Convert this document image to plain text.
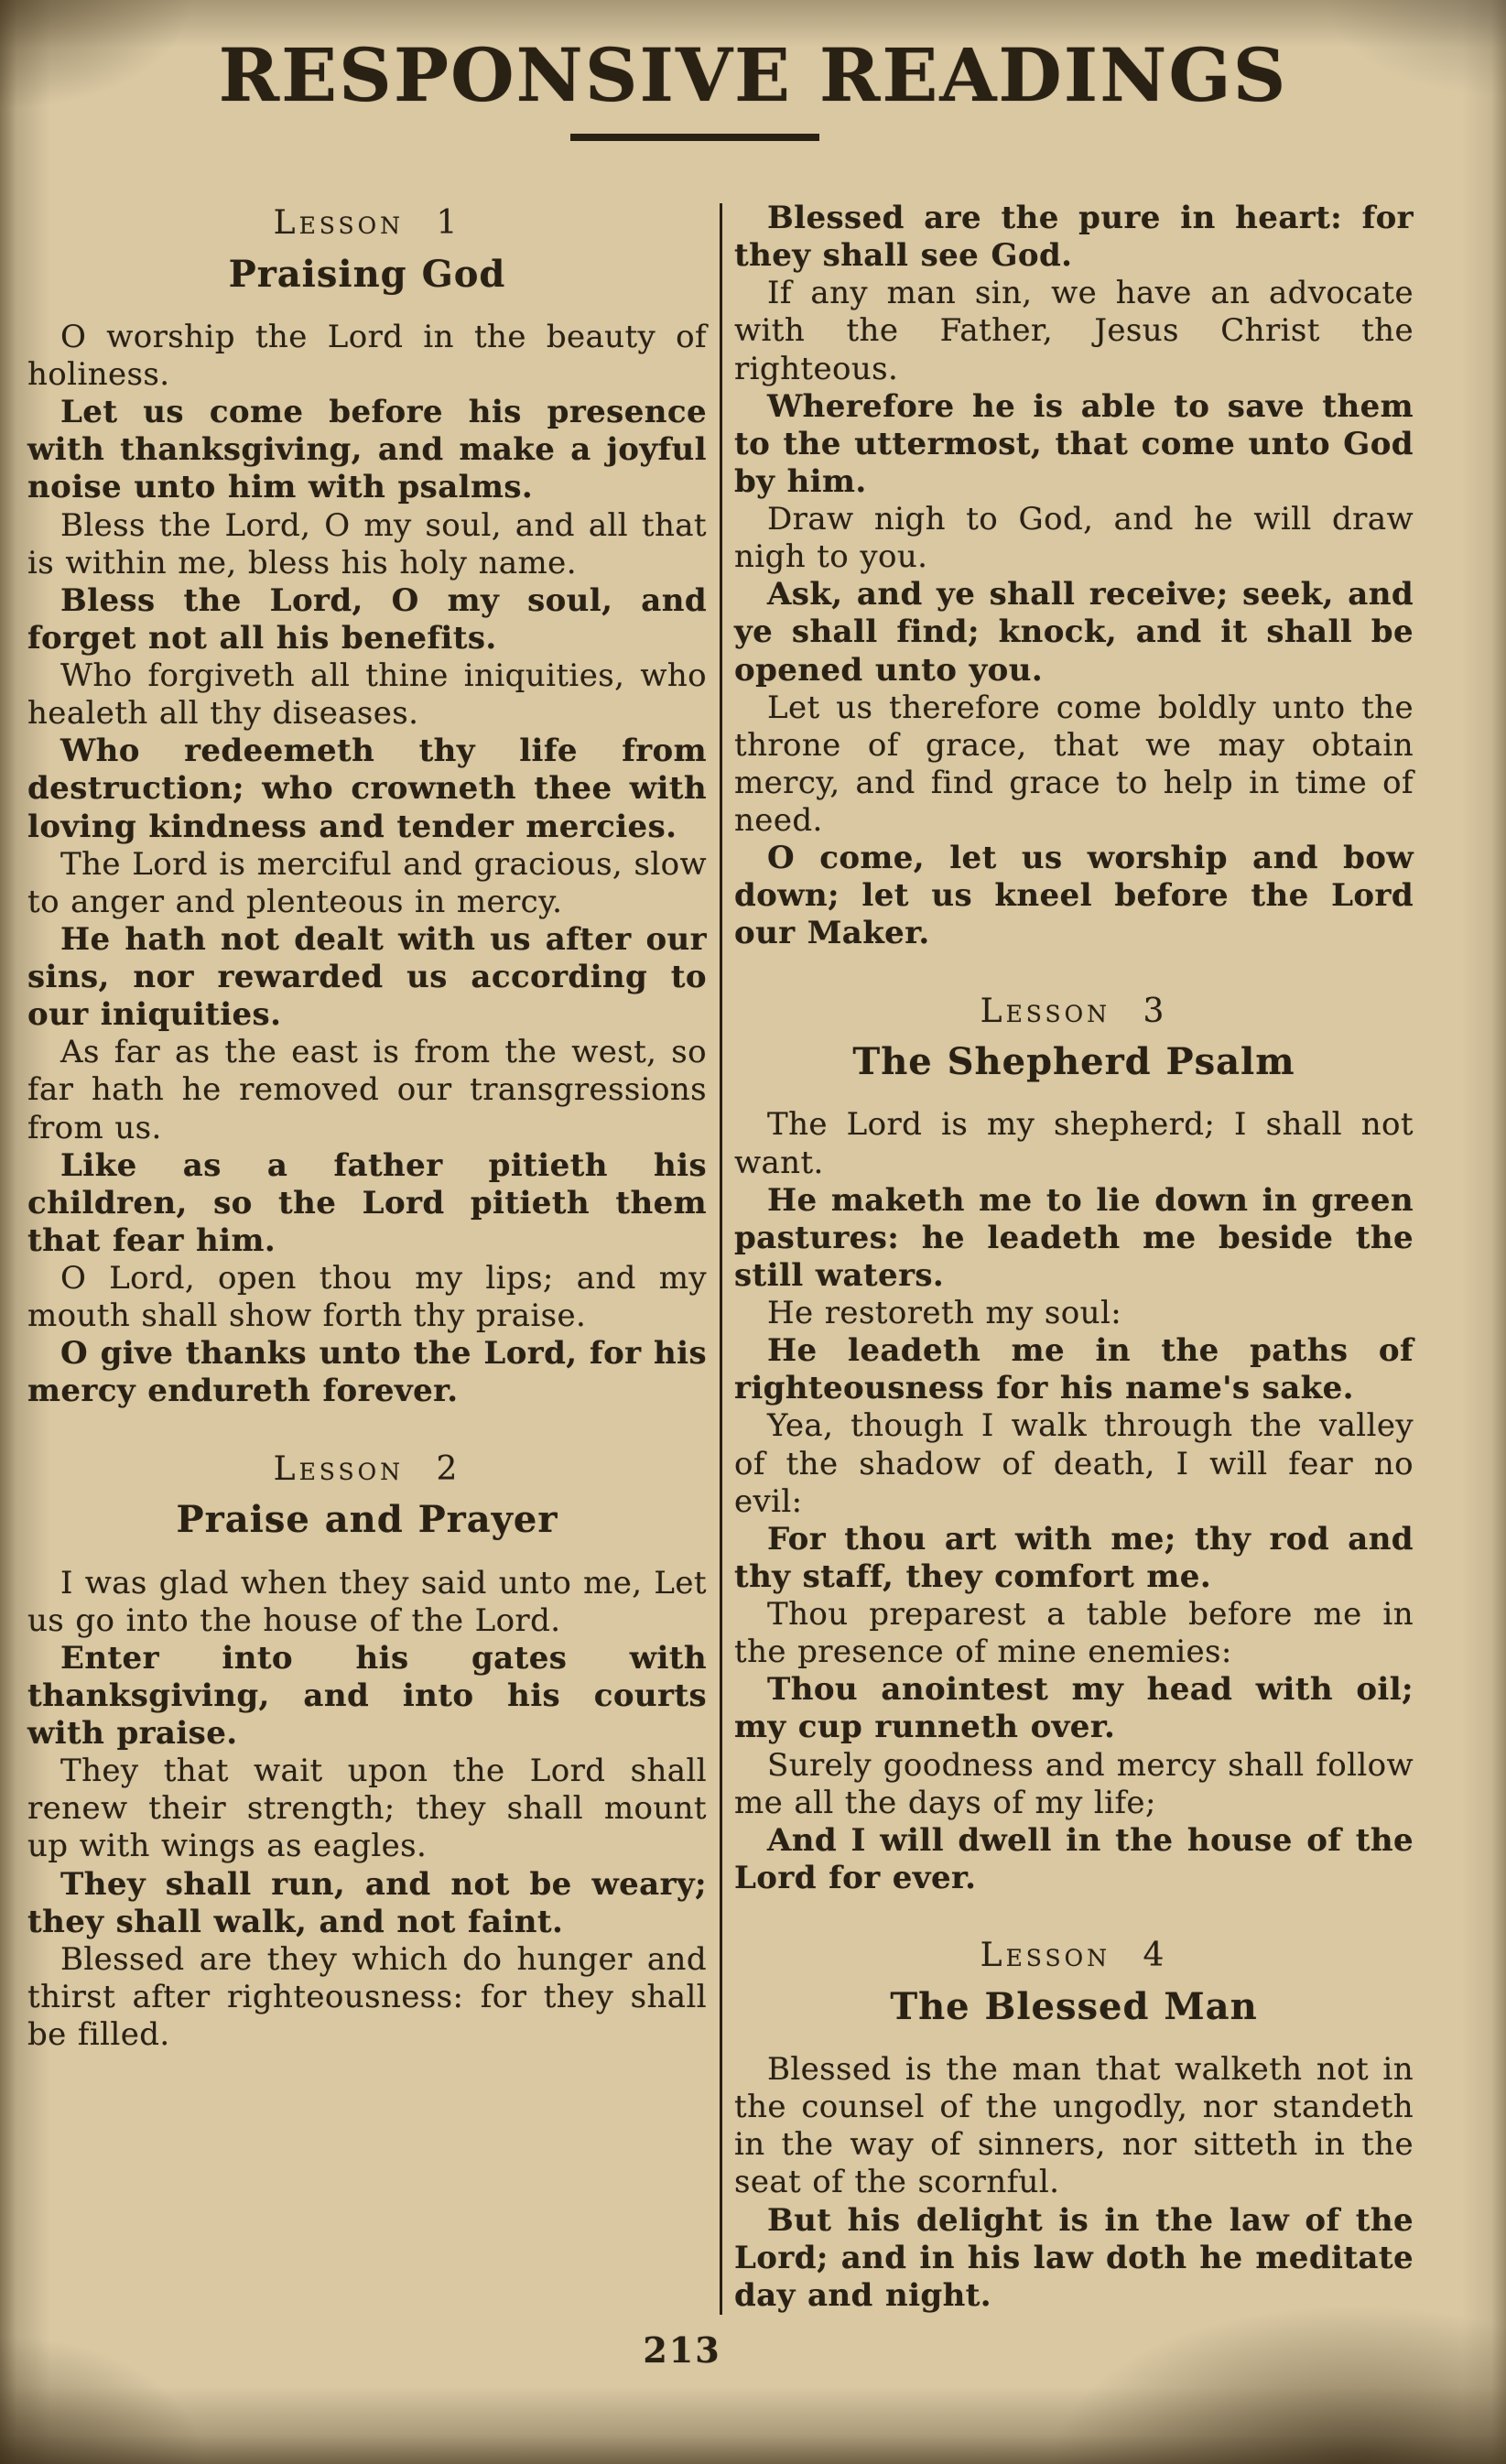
RESPONSIVE READINGS
Lesson 1
Praising God
O worship the Lord in the beauty of holiness.
Let us come before his presence with thanksgiving, and make a joyful noise unto him with psalms.
Bless the Lord, O my soul, and all that is within me, bless his holy name.
Bless the Lord, O my soul, and forget not all his benefits.
Who forgiveth all thine iniquities, who healeth all thy diseases.
Who redeemeth thy life from destruction; who crowneth thee with loving kindness and tender mercies.
The Lord is merciful and gracious, slow to anger and plenteous in mercy.
He hath not dealt with us after our sins, nor rewarded us according to our iniquities.
As far as the east is from the west, so far hath he removed our transgressions from us.
Like as a father pitieth his children, so the Lord pitieth them that fear him.
O Lord, open thou my lips; and my mouth shall show forth thy praise.
O give thanks unto the Lord, for his mercy endureth forever.
Lesson 2
Praise and Prayer
I was glad when they said unto me, Let us go into the house of the Lord.
Enter into his gates with thanksgiving, and into his courts with praise.
They that wait upon the Lord shall renew their strength; they shall mount up with wings as eagles.
They shall run, and not be weary; they shall walk, and not faint.
Blessed are they which do hunger and thirst after righteousness: for they shall be filled.
Blessed are the pure in heart: for they shall see God.
If any man sin, we have an advocate with the Father, Jesus Christ the righteous.
Wherefore he is able to save them to the uttermost, that come unto God by him.
Draw nigh to God, and he will draw nigh to you.
Ask, and ye shall receive; seek, and ye shall find; knock, and it shall be opened unto you.
Let us therefore come boldly unto the throne of grace, that we may obtain mercy, and find grace to help in time of need.
O come, let us worship and bow down; let us kneel before the Lord our Maker.
Lesson 3
The Shepherd Psalm
The Lord is my shepherd; I shall not want.
He maketh me to lie down in green pastures: he leadeth me beside the still waters.
He restoreth my soul:
He leadeth me in the paths of righteousness for his name's sake.
Yea, though I walk through the valley of the shadow of death, I will fear no evil:
For thou art with me; thy rod and thy staff, they comfort me.
Thou preparest a table before me in the presence of mine enemies:
Thou anointest my head with oil; my cup runneth over.
Surely goodness and mercy shall follow me all the days of my life;
And I will dwell in the house of the Lord for ever.
Lesson 4
The Blessed Man
Blessed is the man that walketh not in the counsel of the ungodly, nor standeth in the way of sinners, nor sitteth in the seat of the scornful.
But his delight is in the law of the Lord; and in his law doth he meditate day and night.
213
